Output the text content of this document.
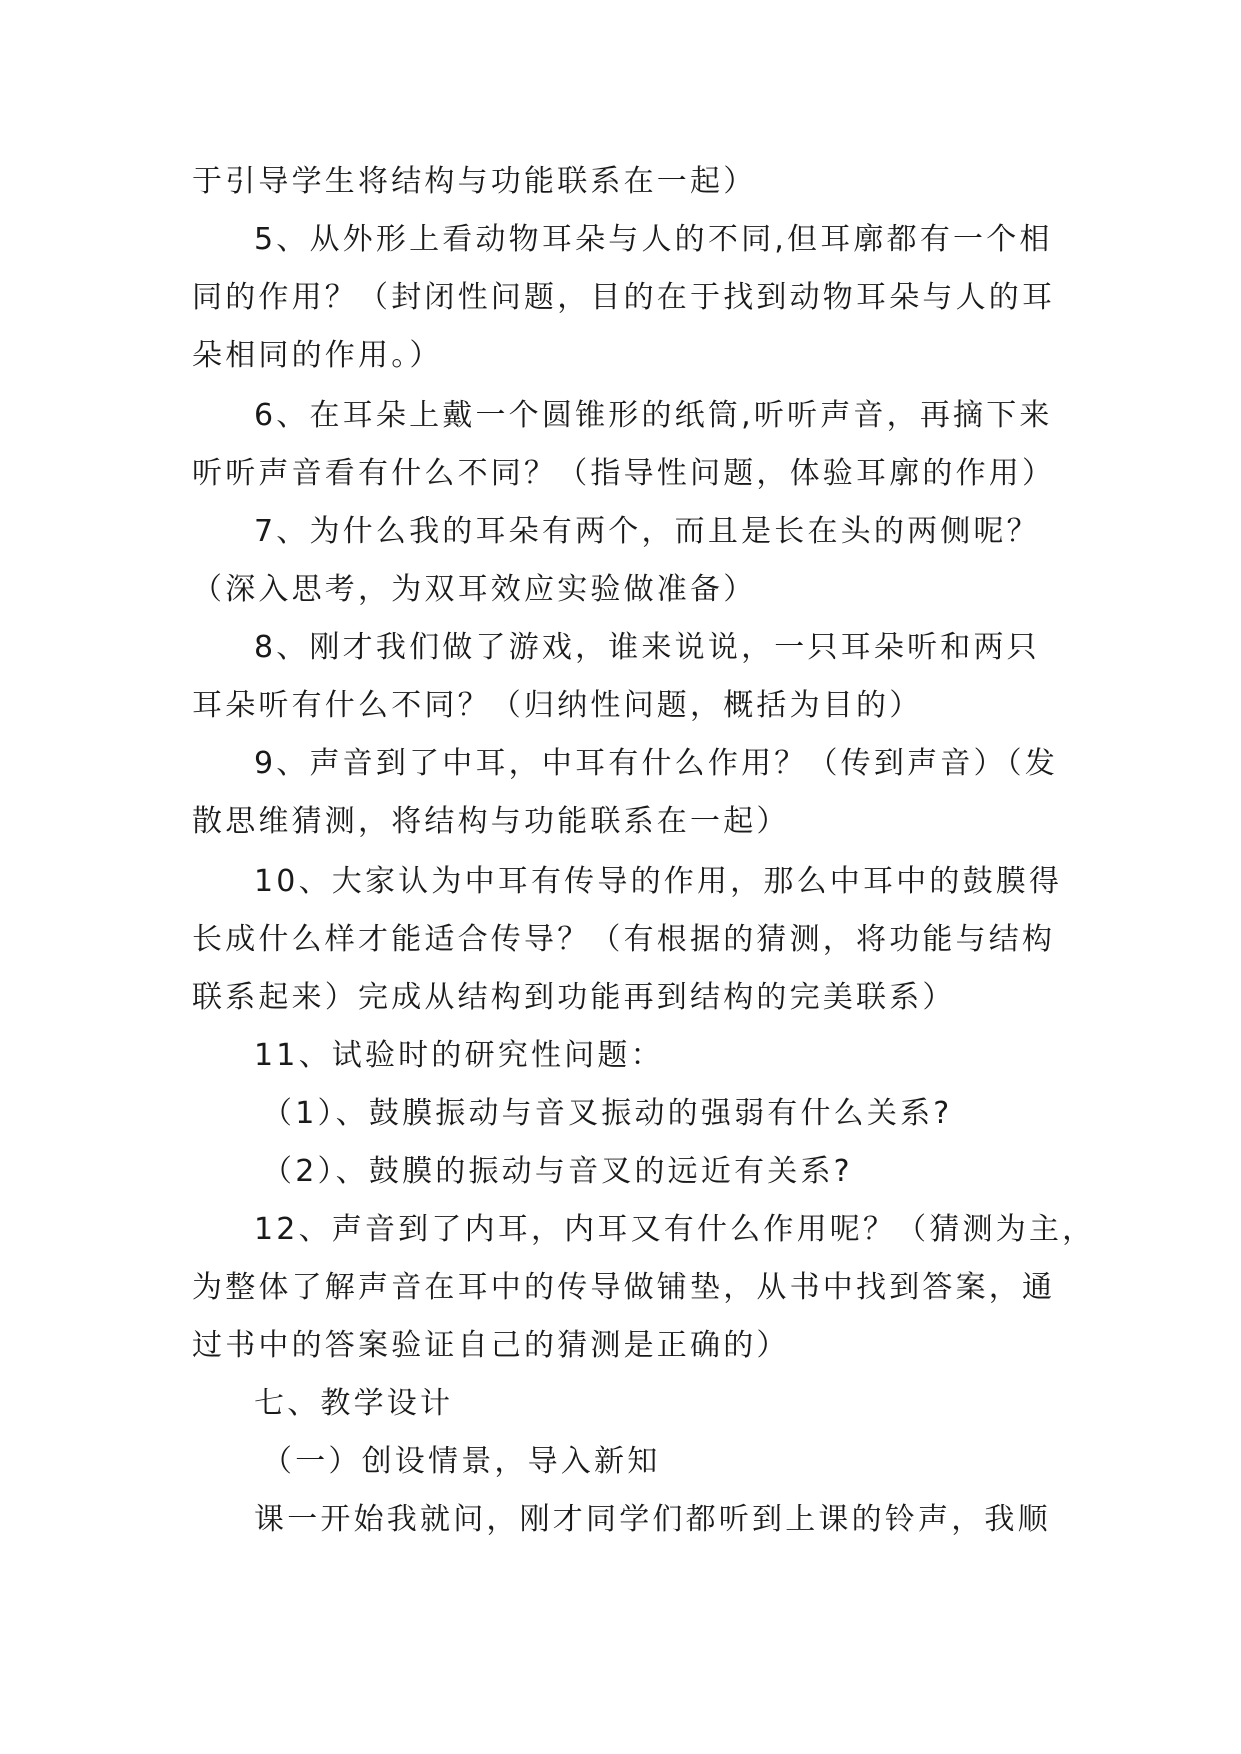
于引导学生将结构与功能联系在一起）
5、从外形上看动物耳朵与人的不同,但耳廓都有一个相
同的作用？（封闭性问题，目的在于找到动物耳朵与人的耳
朵相同的作用。）
6、在耳朵上戴一个圆锥形的纸筒,听听声音，再摘下来
听听声音看有什么不同？（指导性问题，体验耳廓的作用）
7、为什么我的耳朵有两个，而且是长在头的两侧呢？
（深入思考，为双耳效应实验做准备）
8、刚才我们做了游戏，谁来说说，一只耳朵听和两只
耳朵听有什么不同？（归纳性问题，概括为目的）
9、声音到了中耳，中耳有什么作用？（传到声音）（发
散思维猜测，将结构与功能联系在一起）
10、大家认为中耳有传导的作用，那么中耳中的鼓膜得
长成什么样才能适合传导？（有根据的猜测，将功能与结构
联系起来）完成从结构到功能再到结构的完美联系）
11、试验时的研究性问题：
（1）、鼓膜振动与音叉振动的强弱有什么关系?
（2）、鼓膜的振动与音叉的远近有关系?
12、声音到了内耳，内耳又有什么作用呢？（猜测为主，
为整体了解声音在耳中的传导做铺垫，从书中找到答案，通
过书中的答案验证自己的猜测是正确的）
七、教学设计
（一）创设情景，导入新知
课一开始我就问，刚才同学们都听到上课的铃声，我顺
